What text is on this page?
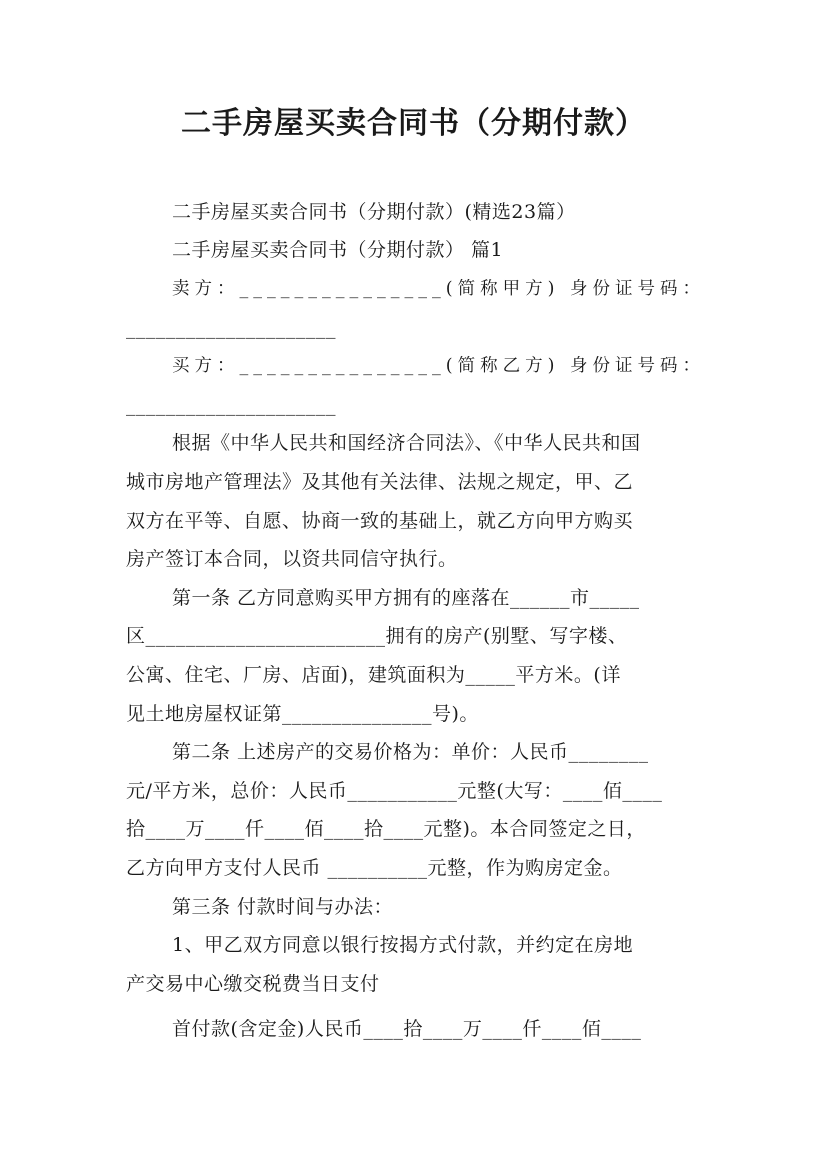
二手房屋买卖合同书（分期付款）

二手房屋买卖合同书（分期付款）(精选23篇）

二手房屋买卖合同书（分期付款） 篇1

卖方：_______________(简称甲方) 身份证号码：

_____________________

买方：_______________(简称乙方) 身份证号码：

_____________________

根据《中华人民共和国经济合同法》、《中华人民共和国

城市房地产管理法》及其他有关法律、法规之规定，甲、乙

双方在平等、自愿、协商一致的基础上，就乙方向甲方购买

房产签订本合同，以资共同信守执行。

第一条 乙方同意购买甲方拥有的座落在______市_____

区________________________拥有的房产(别墅、写字楼、

公寓、住宅、厂房、店面)，建筑面积为_____平方米。(详

见土地房屋权证第_______________号)。

第二条 上述房产的交易价格为：单价：人民币________

元/平方米，总价：人民币___________元整(大写：____佰____

拾____万____仟____佰____拾____元整)。本合同签定之日，

乙方向甲方支付人民币 __________元整，作为购房定金。

第三条 付款时间与办法：

1、甲乙双方同意以银行按揭方式付款，并约定在房地

产交易中心缴交税费当日支付

首付款(含定金)人民币____拾____万____仟____佰____
